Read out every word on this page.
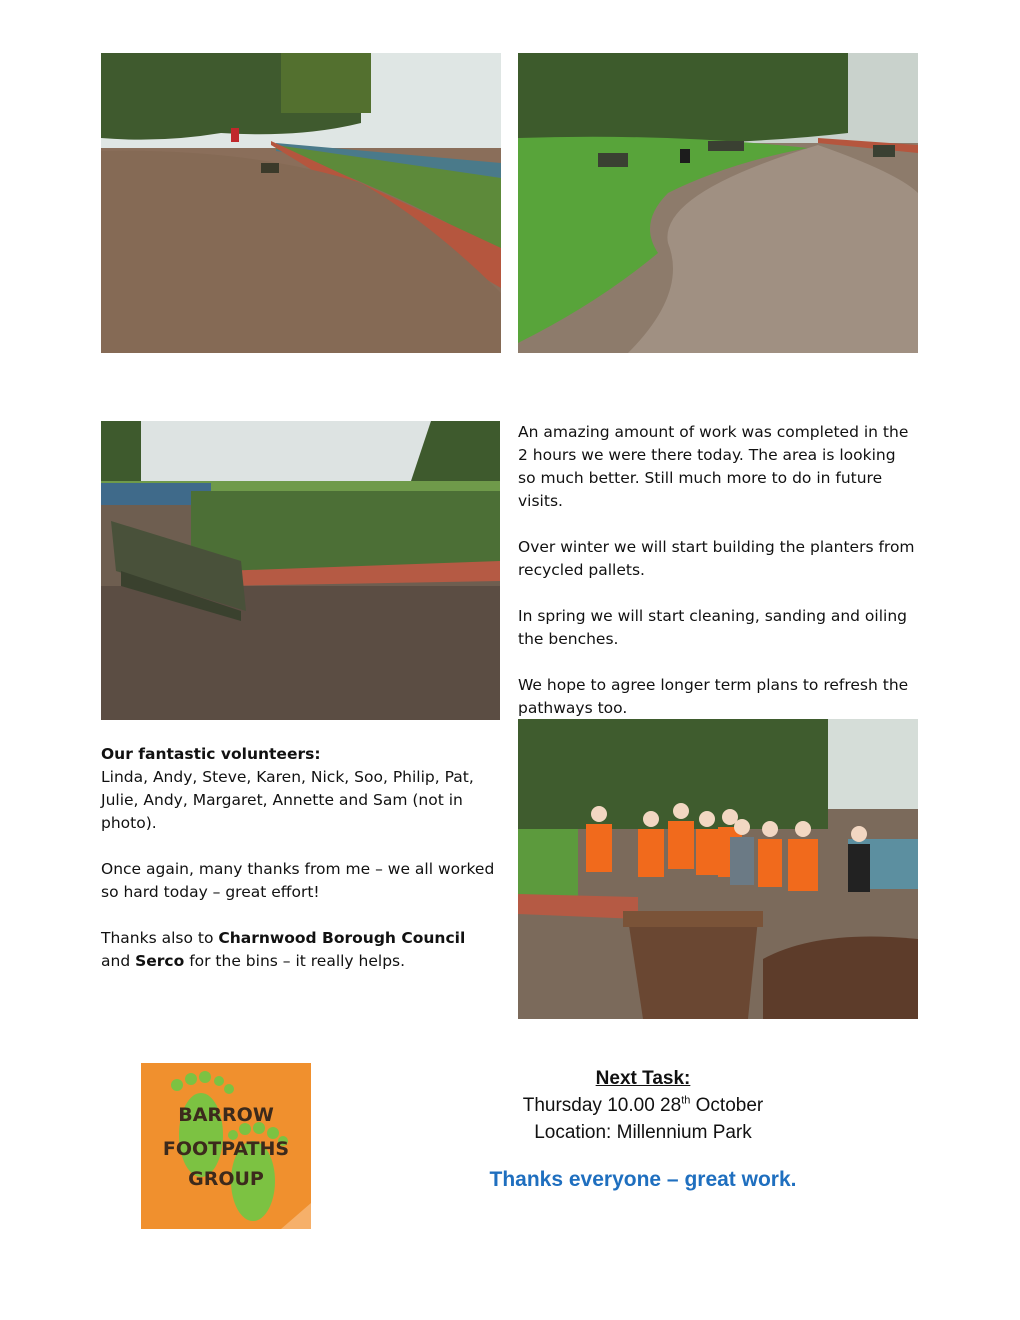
An amazing amount of work was completed in the 2 hours we were there today. The area is looking so much better. Still much more to do in future visits.

Over winter we will start building the planters from recycled pallets.

In spring we will start cleaning, sanding and oiling the benches.

We hope to agree longer term plans to refresh the pathways too.

Our fantastic volunteers:
Linda, Andy, Steve, Karen, Nick, Soo, Philip, Pat, Julie, Andy, Margaret, Annette and Sam (not in photo).

Once again, many thanks from me – we all worked so hard today – great effort!

Thanks also to Charnwood Borough Council and Serco for the bins – it really helps.

BARROW
FOOTPATHS
GROUP
Next Task:
Thursday 10.00 28th October
Location: Millennium Park
Thanks everyone – great work.
